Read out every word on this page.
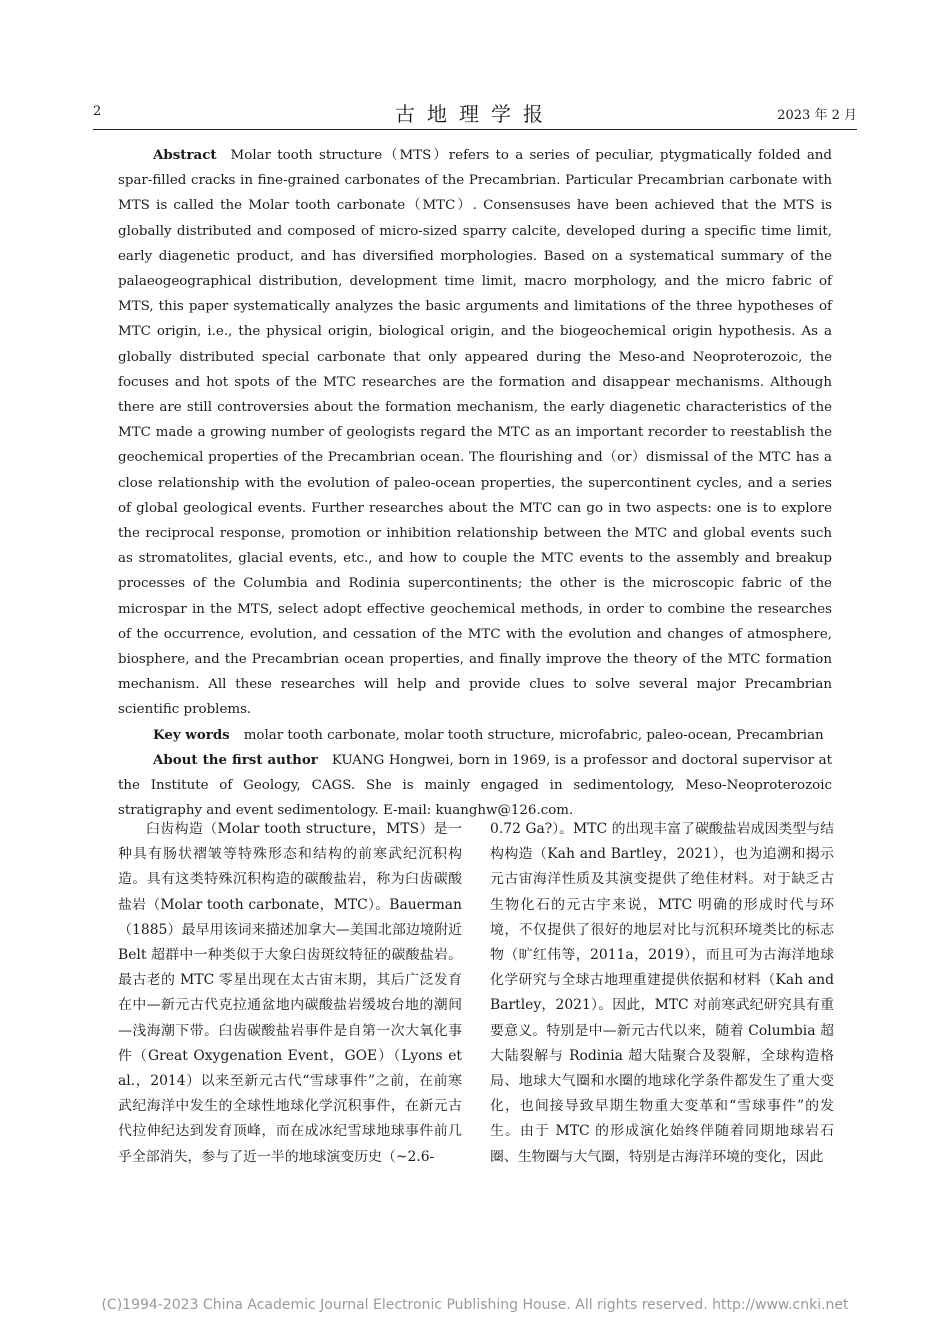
2	古地理学报	2023 年 2 月

Abstract Molar tooth structure（MTS）refers to a series of peculiar, ptygmatically folded and spar-filled cracks in fine-grained carbonates of the Precambrian. Particular Precambrian carbonate with MTS is called the Molar tooth carbonate（MTC）. Consensuses have been achieved that the MTS is globally distributed and composed of micro-sized sparry calcite, developed during a specific time limit, early diagenetic product, and has diversified morphologies. Based on a systematical summary of the palaeogeographical distribution, development time limit, macro morphology, and the micro fabric of MTS, this paper systematically analyzes the basic arguments and limitations of the three hypotheses of MTC origin, i.e., the physical origin, biological origin, and the biogeochemical origin hypothesis. As a globally distributed special carbonate that only appeared during the Meso-and Neoproterozoic, the focuses and hot spots of the MTC researches are the formation and disappear mechanisms. Although there are still controversies about the formation mechanism, the early diagenetic characteristics of the MTC made a growing number of geologists regard the MTC as an important recorder to reestablish the geochemical properties of the Precambrian ocean. The flourishing and（or）dismissal of the MTC has a close relationship with the evolution of paleo-ocean properties, the supercontinent cycles, and a series of global geological events. Further researches about the MTC can go in two aspects: one is to explore the reciprocal response, promotion or inhibition relationship between the MTC and global events such as stromatolites, glacial events, etc., and how to couple the MTC events to the assembly and breakup processes of the Columbia and Rodinia supercontinents; the other is the microscopic fabric of the microspar in the MTS, select adopt effective geochemical methods, in order to combine the researches of the occurrence, evolution, and cessation of the MTC with the evolution and changes of atmosphere, biosphere, and the Precambrian ocean properties, and finally improve the theory of the MTC formation mechanism. All these researches will help and provide clues to solve several major Precambrian scientific problems.

Key words molar tooth carbonate, molar tooth structure, microfabric, paleo-ocean, Precambrian

About the first author KUANG Hongwei, born in 1969, is a professor and doctoral supervisor at the Institute of Geology, CAGS. She is mainly engaged in sedimentology, Meso-Neoproterozoic stratigraphy and event sedimentology. E-mail: kuanghw@126.com.

臼齿构造（Molar tooth structure，MTS）是一种具有肠状褶皱等特殊形态和结构的前寒武纪沉积构造。具有这类特殊沉积构造的碳酸盐岩，称为臼齿碳酸盐岩（Molar tooth carbonate，MTC）。Bauerman（1885）最早用该词来描述加拿大—美国北部边境附近 Belt 超群中一种类似于大象臼齿斑纹特征的碳酸盐岩。最古老的 MTC 零星出现在太古宙末期，其后广泛发育在中—新元古代克拉通盆地内碳酸盐岩缓坡台地的潮间—浅海潮下带。臼齿碳酸盐岩事件是自第一次大氧化事件（Great Oxygenation Event，GOE）（Lyons et al.，2014）以来至新元古代“雪球事件”之前，在前寒武纪海洋中发生的全球性地球化学沉积事件，在新元古代拉伸纪达到发育顶峰，而在成冰纪雪球地球事件前几乎全部消失，参与了近一半的地球演变历史（~2.6-

0.72 Ga?）。MTC 的出现丰富了碳酸盐岩成因类型与结构构造（Kah and Bartley，2021），也为追溯和揭示元古宙海洋性质及其演变提供了绝佳材料。对于缺乏古生物化石的元古宇来说，MTC 明确的形成时代与环境，不仅提供了很好的地层对比与沉积环境类比的标志物（旷红伟等，2011a，2019），而且可为古海洋地球化学研究与全球古地理重建提供依据和材料（Kah and Bartley，2021）。因此，MTC 对前寒武纪研究具有重要意义。特别是中—新元古代以来，随着 Columbia 超大陆裂解与 Rodinia 超大陆聚合及裂解，全球构造格局、地球大气圈和水圈的地球化学条件都发生了重大变化，也间接导致早期生物重大变革和“雪球事件”的发生。由于 MTC 的形成演化始终伴随着同期地球岩石圈、生物圈与大气圈，特别是古海洋环境的变化，因此

(C)1994-2023 China Academic Journal Electronic Publishing House. All rights reserved. http://www.cnki.net
